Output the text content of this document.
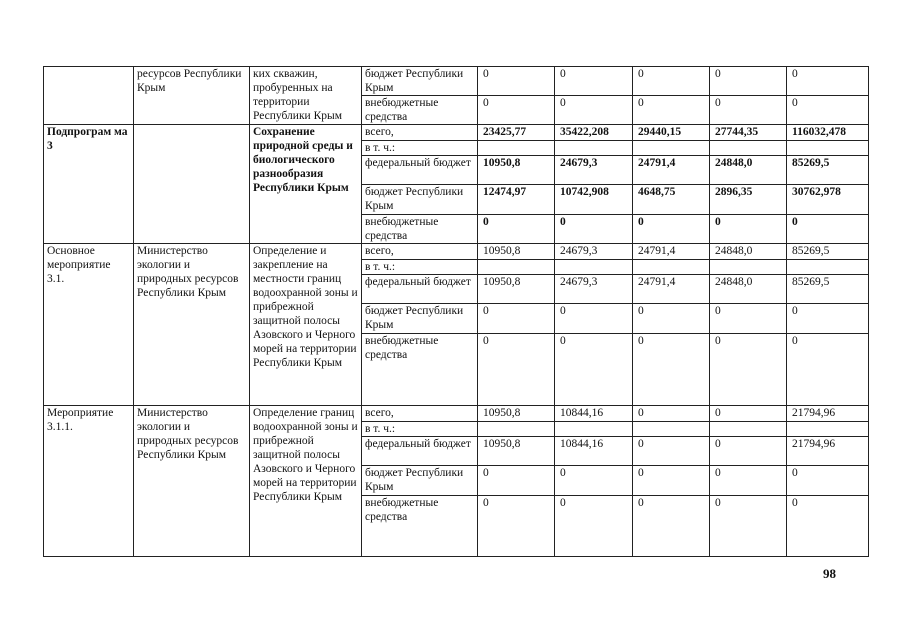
	ресурсов Республики Крым	ких скважин, пробуренных на территории Республики Крым	бюджет Республики Крым	0	0	0	0	0
			внебюджетные средства	0	0	0	0	0
Подпрограм ма 3		Сохранение природной среды и биологического разнообразия Республики Крым	всего,	23425,77	35422,208	29440,15	27744,35	116032,478
			в т. ч.:					
			федеральный бюджет	10950,8	24679,3	24791,4	24848,0	85269,5
			бюджет Республики Крым	12474,97	10742,908	4648,75	2896,35	30762,978
			внебюджетные средства	0	0	0	0	0
Основное мероприятие 3.1.	Министерство экологии и природных ресурсов Республики Крым	Определение и закрепление на местности границ водоохранной зоны и прибрежной защитной полосы Азовского и Черного морей на территории Республики Крым	всего,	10950,8	24679,3	24791,4	24848,0	85269,5
			в т. ч.:					
			федеральный бюджет	10950,8	24679,3	24791,4	24848,0	85269,5
			бюджет Республики Крым	0	0	0	0	0
			внебюджетные средства	0	0	0	0	0
Мероприятие 3.1.1.	Министерство экологии и природных ресурсов Республики Крым	Определение границ водоохранной зоны и прибрежной защитной полосы Азовского и Черного морей на территории Республики Крым	всего,	10950,8	10844,16	0	0	21794,96
			в т. ч.:					
			федеральный бюджет	10950,8	10844,16	0	0	21794,96
			бюджет Республики Крым	0	0	0	0	0
			внебюджетные средства	0	0	0	0	0
98
